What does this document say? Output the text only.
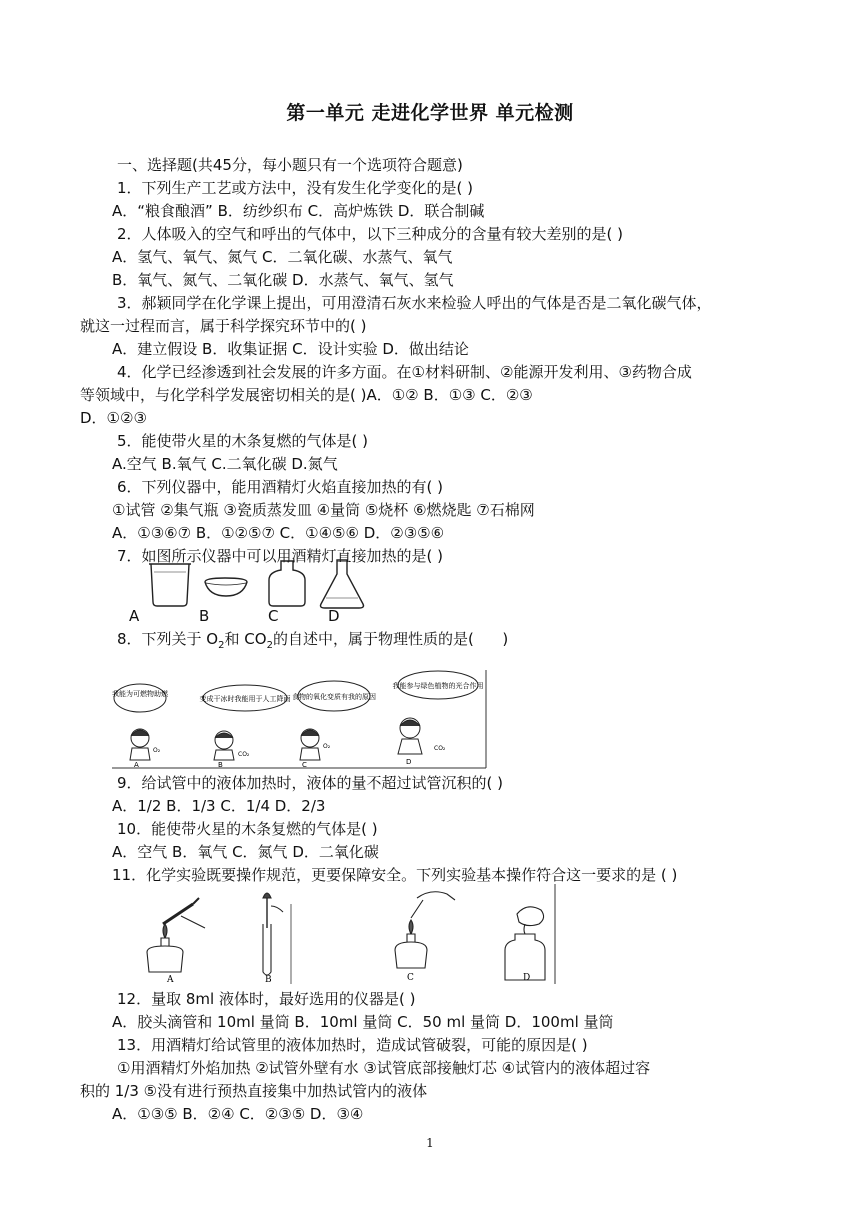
第一单元 走进化学世界 单元检测
一、选择题(共45分，每小题只有一个选项符合题意)
1．下列生产工艺或方法中，没有发生化学变化的是( )
A．“粮食酿酒” B．纺纱织布 C．高炉炼铁 D．联合制碱
2．人体吸入的空气和呼出的气体中，以下三种成分的含量有较大差别的是( )
A．氢气、氧气、氮气 C．二氧化碳、水蒸气、氧气
B．氧气、氮气、二氧化碳 D．水蒸气、氧气、氢气
3．郝颖同学在化学课上提出，可用澄清石灰水来检验人呼出的气体是否是二氧化碳气体，
就这一过程而言，属于科学探究环节中的( )
A．建立假设 B．收集证据 C．设计实验 D．做出结论
4．化学已经渗透到社会发展的许多方面。在①材料研制、②能源开发利用、③药物合成
等领域中，与化学科学发展密切相关的是( )A．①② B．①③ C．②③
D．①②③
5．能使带火星的木条复燃的气体是( )
A.空气 B.氧气 C.二氧化碳 D.氮气
6．下列仪器中，能用酒精灯火焰直接加热的有( )
①试管 ②集气瓶 ③瓷质蒸发皿 ④量筒 ⑤烧杯 ⑥燃烧匙 ⑦石棉网
A．①③⑥⑦ B．①②⑤⑦ C．①④⑤⑥ D．②③⑤⑥
7．如图所示仪器中可以用酒精灯直接加热的是( )
A	B	C	D
8．下列关于 $O_2$和 $CO_2$的自述中，属于物理性质的是(      )
我能为可燃物助燃
变成干冰时我能用于人工降雨 食物的氧化变质有我的原因
我能参与绿色植物的光合作用
O₂
CO₂
O₂	CO₂
A	B	C	D
9．给试管中的液体加热时，液体的量不超过试管沉积的( )
A．1/2 B．1/3 C．1/4 D．2/3
10．能使带火星的木条复燃的气体是( )
A．空气 B．氧气 C．氮气 D．二氧化碳
11．化学实验既要操作规范，更要保障安全。下列实验基本操作符合这一要求的是 ( )
A	B	C	D
12．量取 8ml 液体时，最好选用的仪器是( )
A．胶头滴管和 10ml 量筒 B．10ml 量筒 C．50 ml 量筒 D．100ml 量筒
13．用酒精灯给试管里的液体加热时，造成试管破裂，可能的原因是( )
①用酒精灯外焰加热 ②试管外壁有水 ③试管底部接触灯芯 ④试管内的液体超过容
积的 1/3 ⑤没有进行预热直接集中加热试管内的液体
A．①③⑤ B．②④ C．②③⑤ D．③④
1
